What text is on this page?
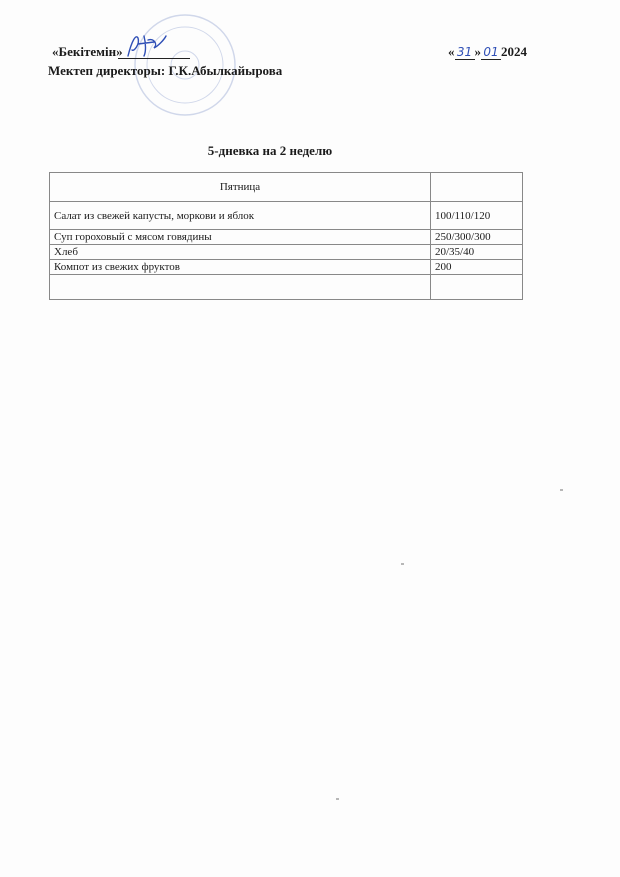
«Бекітемін»
Мектеп директоры: Г.К.Абылкайырова
« 31 » 01 2024
5-дневка на 2 неделю
Пятница	
Салат из свежей капусты, моркови и яблок	100/110/120
Суп гороховый с мясом говядины	250/300/300
Хлеб	20/35/40
Компот из свежих фруктов	200
